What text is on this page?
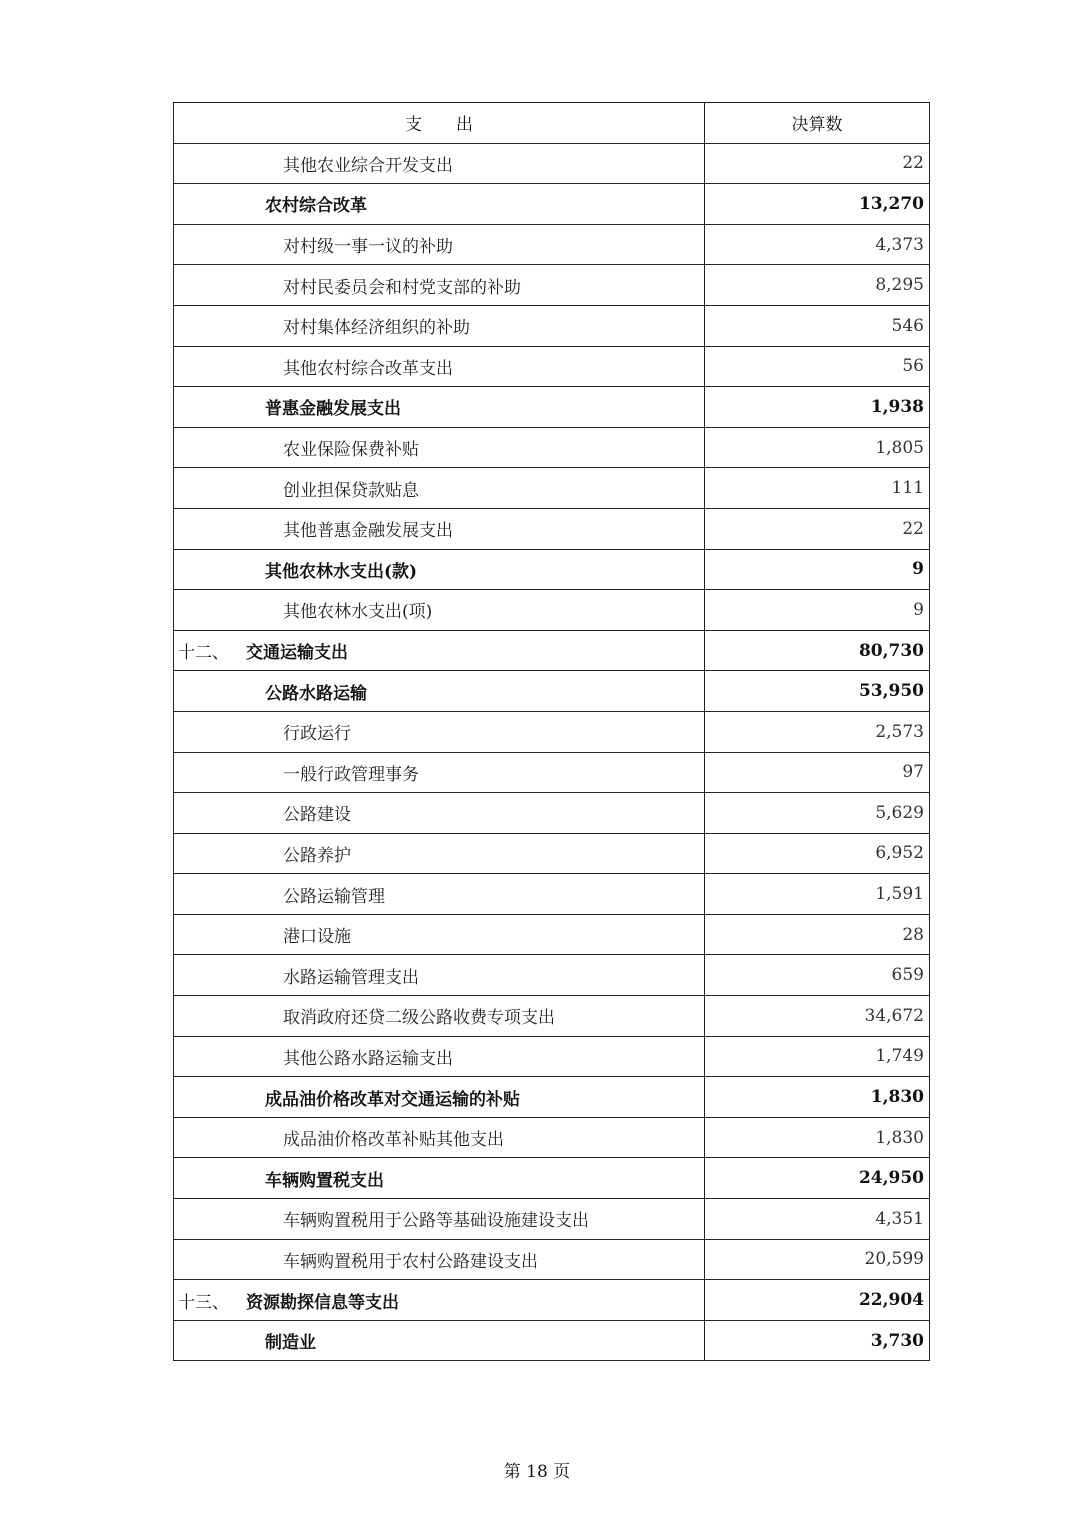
支　　出	决算数
其他农业综合开发支出	22
农村综合改革	13,270
对村级一事一议的补助	4,373
对村民委员会和村党支部的补助	8,295
对村集体经济组织的补助	546
其他农村综合改革支出	56
普惠金融发展支出	1,938
农业保险保费补贴	1,805
创业担保贷款贴息	111
其他普惠金融发展支出	22
其他农林水支出(款)	9
其他农林水支出(项)	9
十二、 交通运输支出	80,730
公路水路运输	53,950
行政运行	2,573
一般行政管理事务	97
公路建设	5,629
公路养护	6,952
公路运输管理	1,591
港口设施	28
水路运输管理支出	659
取消政府还贷二级公路收费专项支出	34,672
其他公路水路运输支出	1,749
成品油价格改革对交通运输的补贴	1,830
成品油价格改革补贴其他支出	1,830
车辆购置税支出	24,950
车辆购置税用于公路等基础设施建设支出	4,351
车辆购置税用于农村公路建设支出	20,599
十三、 资源勘探信息等支出	22,904
制造业	3,730
第 18 页
